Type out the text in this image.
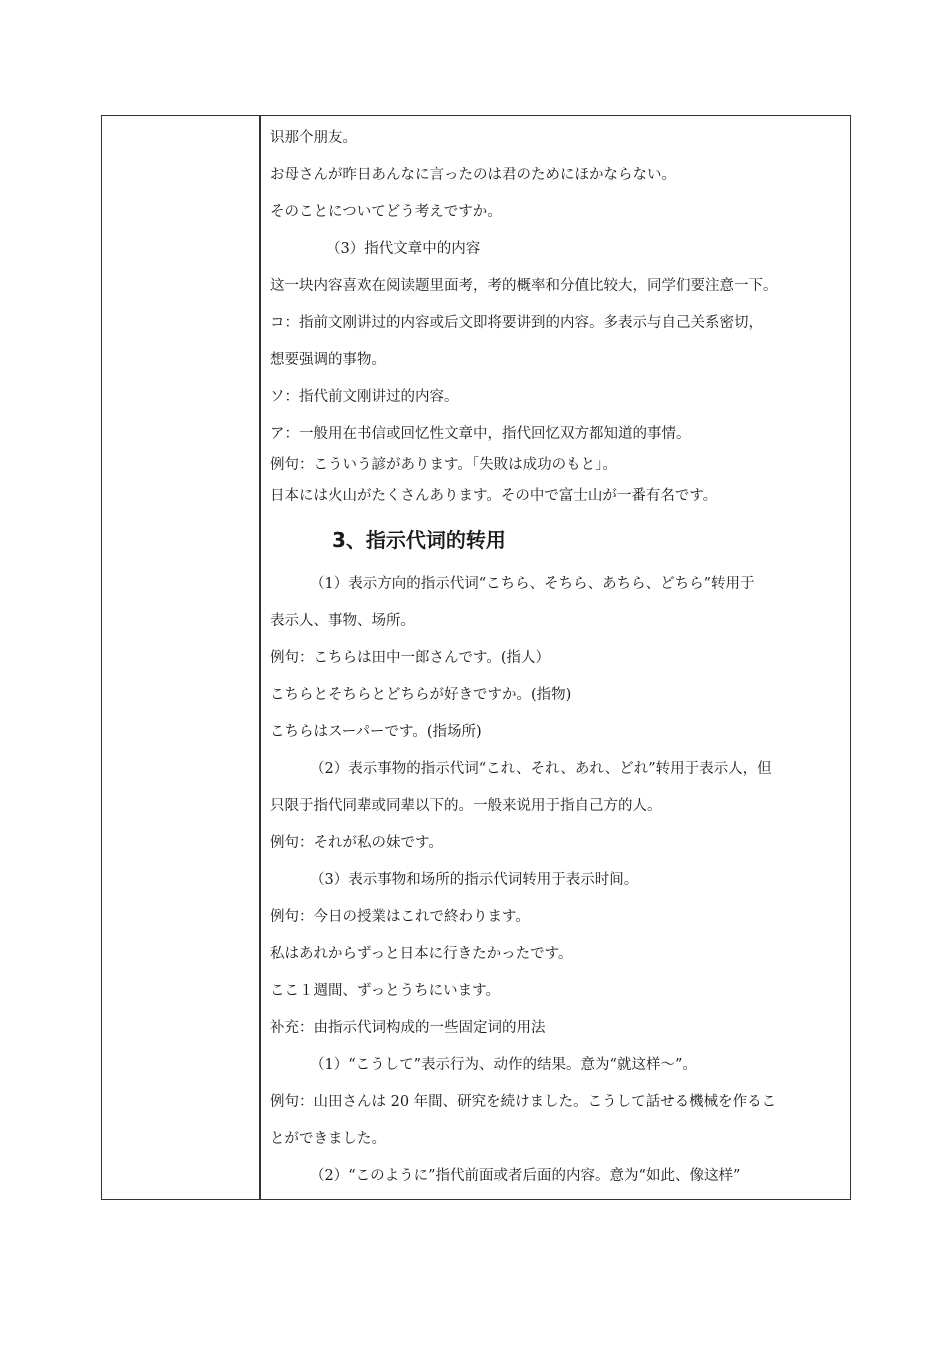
识那个朋友。
お母さんが昨日あんなに言ったのは君のためにほかならない。
そのことについてどう考えですか。
（3）指代文章中的内容
这一块内容喜欢在阅读题里面考，考的概率和分值比较大，同学们要注意一下。
コ：指前文刚讲过的内容或后文即将要讲到的内容。多表示与自己关系密切，
想要强调的事物。
ソ：指代前文刚讲过的内容。
ア：一般用在书信或回忆性文章中，指代回忆双方都知道的事情。
例句：こういう諺があります。「失敗は成功のもと」。
日本には火山がたくさんあります。その中で富士山が一番有名です。
3、指示代词的转用
（1）表示方向的指示代词“こちら、そちら、あちら、どちら”转用于
表示人、事物、场所。
例句：こちらは田中一郎さんです。(指人）
こちらとそちらとどちらが好きですか。(指物)
こちらはスーパーです。(指场所)
（2）表示事物的指示代词“これ、それ、あれ、どれ”转用于表示人，但
只限于指代同辈或同辈以下的。一般来说用于指自己方的人。
例句：それが私の妹です。
（3）表示事物和场所的指示代词转用于表示时间。
例句：今日の授業はこれで終わります。
私はあれからずっと日本に行きたかったです。
ここ１週間、ずっとうちにいます。
补充：由指示代词构成的一些固定词的用法
（1）“こうして”表示行为、动作的结果。意为“就这样～”。
例句：山田さんは 20 年間、研究を続けました。こうして話せる機械を作るこ
とができました。
（2）“このように”指代前面或者后面的内容。意为“如此、像这样”
